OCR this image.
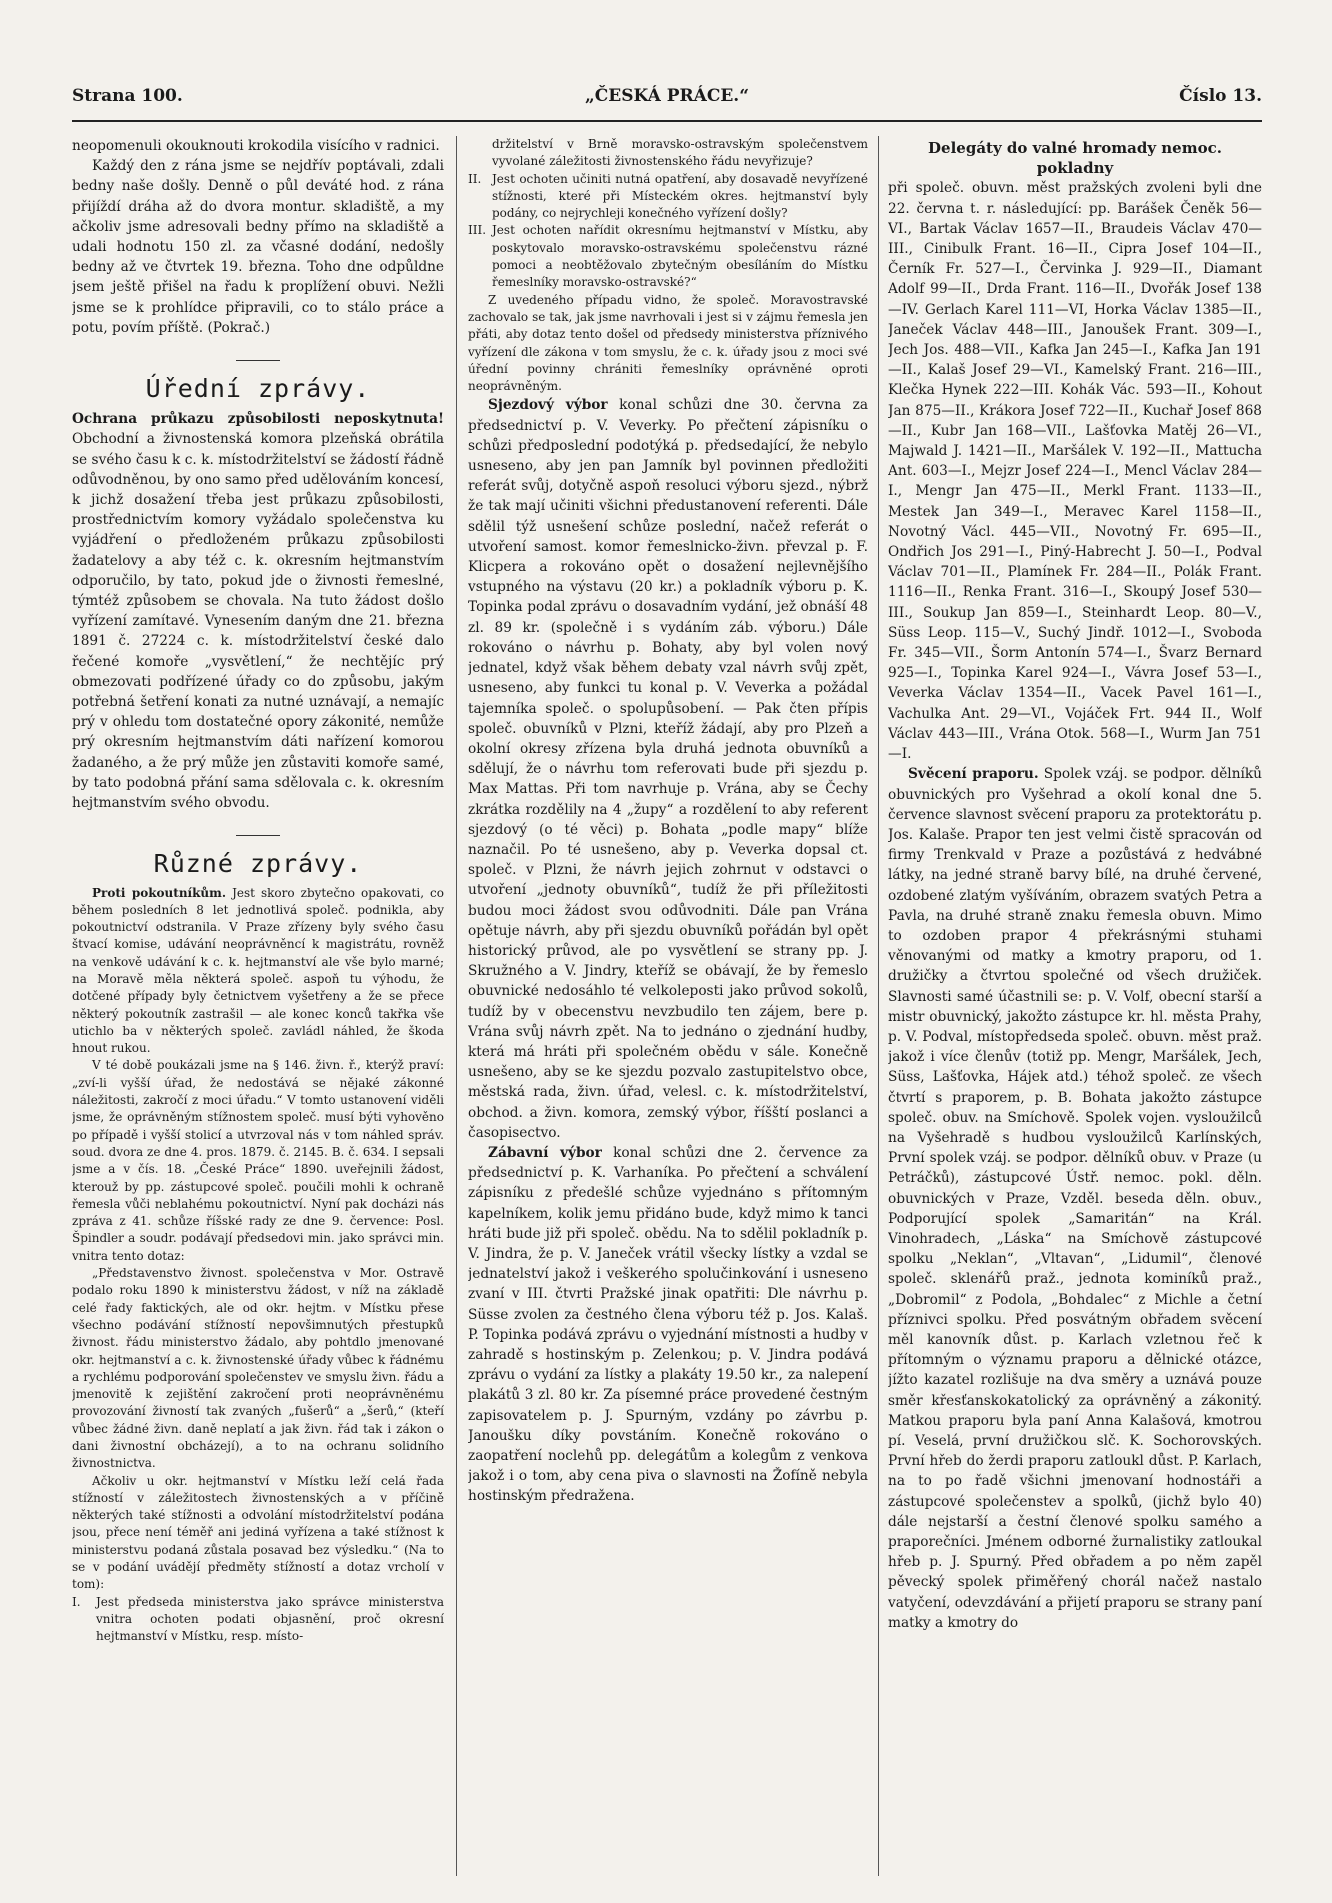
Strana 100.	„ČESKÁ PRÁCE.“	Číslo 13.

neopomenuli okouknouti krokodila visícího v radnici.

Každý den z rána jsme se nejdřív poptávali, zdali bedny naše došly. Denně o půl deváté hod. z rána přijíždí dráha až do dvora montur. skladiště, a my ačkoliv jsme adresovali bedny přímo na skladiště a udali hodnotu 150 zl. za včasné dodání, nedošly bedny až ve čtvrtek 19. března. Toho dne odpůldne jsem ještě přišel na řadu k proplížení obuvi. Nežli jsme se k prohlídce připravili, co to stálo práce a potu, povím příště. (Pokrač.)

Úřední zprávy.

Ochrana průkazu způsobilosti neposkytnuta! Obchodní a živnostenská komora plzeňská obrátila se svého času k c. k. místodržitelství se žádostí řádně odůvodněnou, by ono samo před udělováním koncesí, k jichž dosažení třeba jest průkazu způsobilosti, prostřednictvím komory vyžádalo společenstva ku vyjádření o předloženém průkazu způsobilosti žadatelovy a aby též c. k. okresním hejtmanstvím odporučilo, by tato, pokud jde o živnosti řemeslné, týmtéž způsobem se chovala. Na tuto žádost došlo vyřízení zamítavé. Vynesením daným dne 21. března 1891 č. 27224 c. k. místodržitelství české dalo řečené komoře „vysvětlení,“ že nechtějíc prý obmezovati podřízené úřady co do způsobu, jakým potřebná šetření konati za nutné uznávají, a nemajíc prý v ohledu tom dostatečné opory zákonité, nemůže prý okresním hejtmanstvím dáti nařízení komorou žadaného, a že prý může jen zůstaviti komoře samé, by tato podobná přání sama sdělovala c. k. okresním hejtmanstvím svého obvodu.

Různé zprávy.

Proti pokoutníkům. Jest skoro zbytečno opakovati, co během posledních 8 let jednotlivá společ. podnikla, aby pokoutnictví odstranila. V Praze zřízeny byly svého času štvací komise, udávání neoprávněncí k magistrátu, rovněž na venkově udávání k c. k. hejtmanství ale vše bylo marné; na Moravě měla některá společ. aspoň tu výhodu, že dotčené případy byly četnictvem vyšetřeny a že se přece některý pokoutník zastrašil — ale konec konců takřka vše utichlo ba v některých společ. zavládl náhled, že škoda hnout rukou.

V té době poukázali jsme na § 146. živn. ř., kterýž praví: „zví-li vyšší úřad, že nedostává se nějaké zákonné náležitosti, zakročí z moci úřadu.“ V tomto ustanovení viděli jsme, že oprávněným stížnostem společ. musí býti vyhověno po případě i vyšší stolicí a utvrzoval nás v tom náhled správ. soud. dvora ze dne 4. pros. 1879. č. 2145. B. č. 634. I sepsali jsme a v čís. 18. „České Práce“ 1890. uveřejnili žádost, kterouž by pp. zástupcové společ. poučili mohli k ochraně řemesla vůči neblahému pokoutnictví. Nyní pak docházi nás zpráva z 41. schůze říšské rady ze dne 9. července: Posl. Špindler a soudr. podávají předsedovi min. jako správci min. vnitra tento dotaz:

„Představenstvo živnost. společenstva v Mor. Ostravě podalo roku 1890 k ministerstvu žádost, v níž na základě celé řady faktických, ale od okr. hejtm. v Místku přese všechno podávání stížností nepovšimnutých přestupků živnost. řádu ministerstvo žádalo, aby pohtdlo jmenované okr. hejtmanství a c. k. živnostenské úřady vůbec k řádnému a rychlému podporování společenstev ve smyslu živn. řádu a jmenovitě k zejištění zakročení proti neoprávněnému provozování živností tak zvaných „fušerů“ a „šerů,“ (kteří vůbec žádné živn. daně neplatí a jak živn. řád tak i zákon o dani živnostní obcházejí), a to na ochranu solidního živnostnictva.

Ačkoliv u okr. hejtmanství v Místku leží celá řada stížností v záležitostech živnostenských a v příčině některých také stížnosti a odvolání místodržitelství podána jsou, přece není téměř ani jediná vyřízena a také stížnost k ministerstvu podaná zůstala posavad bez výsledku.“ (Na to se v podání uvádějí předměty stížností a dotaz vrcholí v tom):

I. Jest předseda ministerstva jako správce ministerstva vnitra ochoten podati objasnění, proč okresní hejtmanství v Místku, resp. místo-
držitelství v Brně moravsko-ostravským společenstvem vyvolané záležitosti živnostenského řádu nevyřizuje?
II. Jest ochoten učiniti nutná opatření, aby dosavadě nevyřízené stížnosti, které při Místeckém okres. hejtmanství byly podány, co nejrychleji konečného vyřízení došly?
III. Jest ochoten nařídit okresnímu hejtmanství v Místku, aby poskytovalo moravsko-ostravskému společenstvu rázné pomoci a neobtěžovalo zbytečným obesíláním do Místku řemeslníky moravsko-ostravské?“

Z uvedeného případu vidno, že společ. Moravostravské zachovalo se tak, jak jsme navrhovali i jest si v zájmu řemesla jen přáti, aby dotaz tento došel od předsedy ministerstva příznivého vyřízení dle zákona v tom smyslu, že c. k. úřady jsou z moci své úřední povinny chrániti řemeslníky oprávněné oproti neoprávněným.

Sjezdový výbor konal schůzi dne 30. června za předsednictví p. V. Veverky. Po přečtení zápisníku o schůzi předposlední podotýká p. předsedající, že nebylo usneseno, aby jen pan Jamník byl povinnen předložiti referát svůj, dotyčně aspoň resoluci výboru sjezd., nýbrž že tak mají učiniti všichni předustanovení referenti. Dále sdělil týž usnešení schůze poslední, načež referát o utvoření samost. komor řemeslnicko-živn. převzal p. F. Klicpera a rokováno opět o dosažení nejlevnějšího vstupného na výstavu (20 kr.) a pokladník výboru p. K. Topinka podal zprávu o dosavadním vydání, jež obnáší 48 zl. 89 kr. (společně i s vydáním záb. výboru.) Dále rokováno o návrhu p. Bohaty, aby byl volen nový jednatel, když však během debaty vzal návrh svůj zpět, usneseno, aby funkci tu konal p. V. Veverka a požádal tajemníka společ. o spolupůsobení. — Pak čten přípis společ. obuvníků v Plzni, kteříž žádají, aby pro Plzeň a okolní okresy zřízena byla druhá jednota obuvníků a sdělují, že o návrhu tom referovati bude při sjezdu p. Max Mattas. Při tom navrhuje p. Vrána, aby se Čechy zkrátka rozdělily na 4 „župy“ a rozdělení to aby referent sjezdový (o té věci) p. Bohata „podle mapy“ blíže naznačil. Po té usnešeno, aby p. Veverka dopsal ct. společ. v Plzni, že návrh jejich zohrnut v odstavci o utvoření „jednoty obuvníků“, tudíž že při příležitosti budou moci žádost svou odůvodniti. Dále pan Vrána opětuje návrh, aby při sjezdu obuvníků pořádán byl opět historický průvod, ale po vysvětlení se strany pp. J. Skružného a V. Jindry, kteříž se obávají, že by řemeslo obuvnické nedosáhlo té velkoleposti jako průvod sokolů, tudíž by v obecenstvu nevzbudilo ten zájem, bere p. Vrána svůj návrh zpět. Na to jednáno o zjednání hudby, která má hráti při společném obědu v sále. Konečně usnešeno, aby se ke sjezdu pozvalo zastupitelstvo obce, městská rada, živn. úřad, velesl. c. k. místodržitelství, obchod. a živn. komora, zemský výbor, říšští poslanci a časopisectvo.

Zábavní výbor konal schůzi dne 2. července za předsednictví p. K. Varhaníka. Po přečtení a schválení zápisníku z předešlé schůze vyjednáno s přítomným kapelníkem, kolik jemu přidáno bude, když mimo k tanci hráti bude již při společ. obědu. Na to sdělil pokladník p. V. Jindra, že p. V. Janeček vrátil všecky lístky a vzdal se jednatelství jakož i veškerého spolučinkování i usneseno zvaní v III. čtvrti Pražské jinak opatřiti: Dle návrhu p. Süsse zvolen za čestného člena výboru též p. Jos. Kalaš. P. Topinka podává zprávu o vyjednání místnosti a hudby v zahradě s hostinským p. Zelenkou; p. V. Jindra podává zprávu o vydání za lístky a plakáty 19.50 kr., za nalepení plakátů 3 zl. 80 kr. Za písemné práce provedené čestným zapisovatelem p. J. Spurným, vzdány po závrbu p. Janoušku díky povstáním. Konečně rokováno o zaopatření noclehů pp. delegátům a kolegům z venkova jakož i o tom, aby cena piva o slavnosti na Žofíně nebyla hostinským předražena.

Delegáty do valné hromady nemoc. pokladny

při společ. obuvn. měst pražských zvoleni byli dne 22. června t. r. následující: pp. Barášek Čeněk 56—VI., Bartak Václav 1657—II., Braudeis Václav 470—III., Cinibulk Frant. 16—II., Cipra Josef 104—II., Černík Fr. 527—I., Červinka J. 929—II., Diamant Adolf 99—II., Drda Frant. 116—II., Dvořák Josef 138—IV. Gerlach Karel 111—VI, Horka Václav 1385—II., Janeček Václav 448—III., Janoušek Frant. 309—I., Jech Jos. 488—VII., Kafka Jan 245—I., Kafka Jan 191—II., Kalaš Josef 29—VI., Kamelský Frant. 216—III., Klečka Hynek 222—III. Kohák Vác. 593—II., Kohout Jan 875—II., Krákora Josef 722—II., Kuchař Josef 868—II., Kubr Jan 168—VII., Lašťovka Matěj 26—VI., Majwald J. 1421—II., Maršálek V. 192—II., Mattucha Ant. 603—I., Mejzr Josef 224—I., Mencl Václav 284—I., Mengr Jan 475—II., Merkl Frant. 1133—II., Mestek Jan 349—I., Meravec Karel 1158—II., Novotný Václ. 445—VII., Novotný Fr. 695—II., Ondřich Jos 291—I., Piný-Habrecht J. 50—I., Podval Václav 701—II., Plamínek Fr. 284—II., Polák Frant. 1116—II., Renka Frant. 316—I., Skoupý Josef 530—III., Soukup Jan 859—I., Steinhardt Leop. 80—V., Süss Leop. 115—V., Suchý Jindř. 1012—I., Svoboda Fr. 345—VII., Šorm Antonín 574—I., Švarz Bernard 925—I., Topinka Karel 924—I., Vávra Josef 53—I., Veverka Václav 1354—II., Vacek Pavel 161—I., Vachulka Ant. 29—VI., Vojáček Frt. 944 II., Wolf Václav 443—III., Vrána Otok. 568—I., Wurm Jan 751—I.

Svěcení praporu. Spolek vzáj. se podpor. dělníků obuvnických pro Vyšehrad a okolí konal dne 5. července slavnost svěcení praporu za protektorátu p. Jos. Kalaše. Prapor ten jest velmi čistě spracován od firmy Trenkvald v Praze a pozůstává z hedvábné látky, na jedné straně barvy bílé, na druhé červené, ozdobené zlatým vyšíváním, obrazem svatých Petra a Pavla, na druhé straně znaku řemesla obuvn. Mimo to ozdoben prapor 4 překrásnými stuhami věnovanými od matky a kmotry praporu, od 1. družičky a čtvrtou společné od všech družiček. Slavnosti samé účastnili se: p. V. Volf, obecní starší a mistr obuvnický, jakožto zástupce kr. hl. města Prahy, p. V. Podval, místopředseda společ. obuvn. měst praž. jakož i více členův (totiž pp. Mengr, Maršálek, Jech, Süss, Lašťovka, Hájek atd.) téhož společ. ze všech čtvrtí s praporem, p. B. Bohata jakožto zástupce společ. obuv. na Smíchově. Spolek vojen. vysloužilců na Vyšehradě s hudbou vysloužilců Karlínských, První spolek vzáj. se podpor. dělníků obuv. v Praze (u Petráčků), zástupcové Ústř. nemoc. pokl. děln. obuvnických v Praze, Vzděl. beseda děln. obuv., Podporující spolek „Samaritán“ na Král. Vinohradech, „Láska“ na Smíchově zástupcové spolku „Neklan“, „Vltavan“, „Lidumil“, členové společ. sklenářů praž., jednota kominíků praž., „Dobromil“ z Podola, „Bohdalec“ z Michle a četní příznivci spolku. Před posvátným obřadem svěcení měl kanovník důst. p. Karlach vzletnou řeč k přítomným o významu praporu a dělnické otázce, jížto kazatel rozlišuje na dva směry a uznává pouze směr křesťanskokatolický za oprávněný a zákonitý. Matkou praporu byla paní Anna Kalašová, kmotrou pí. Veselá, první družičkou slč. K. Sochorovských. První hřeb do žerdi praporu zatloukl důst. P. Karlach, na to po řadě všichni jmenovaní hodnostáři a zástupcové společenstev a spolků, (jichž bylo 40) dále nejstarší a čestní členové spolku samého a praporečníci. Jménem odborné žurnalistiky zatloukal hřeb p. J. Spurný. Před obřadem a po něm zapěl pěvecký spolek přiměřený chorál načež nastalo vatyčení, odevzdávání a přijetí praporu se strany paní matky a kmotry do
